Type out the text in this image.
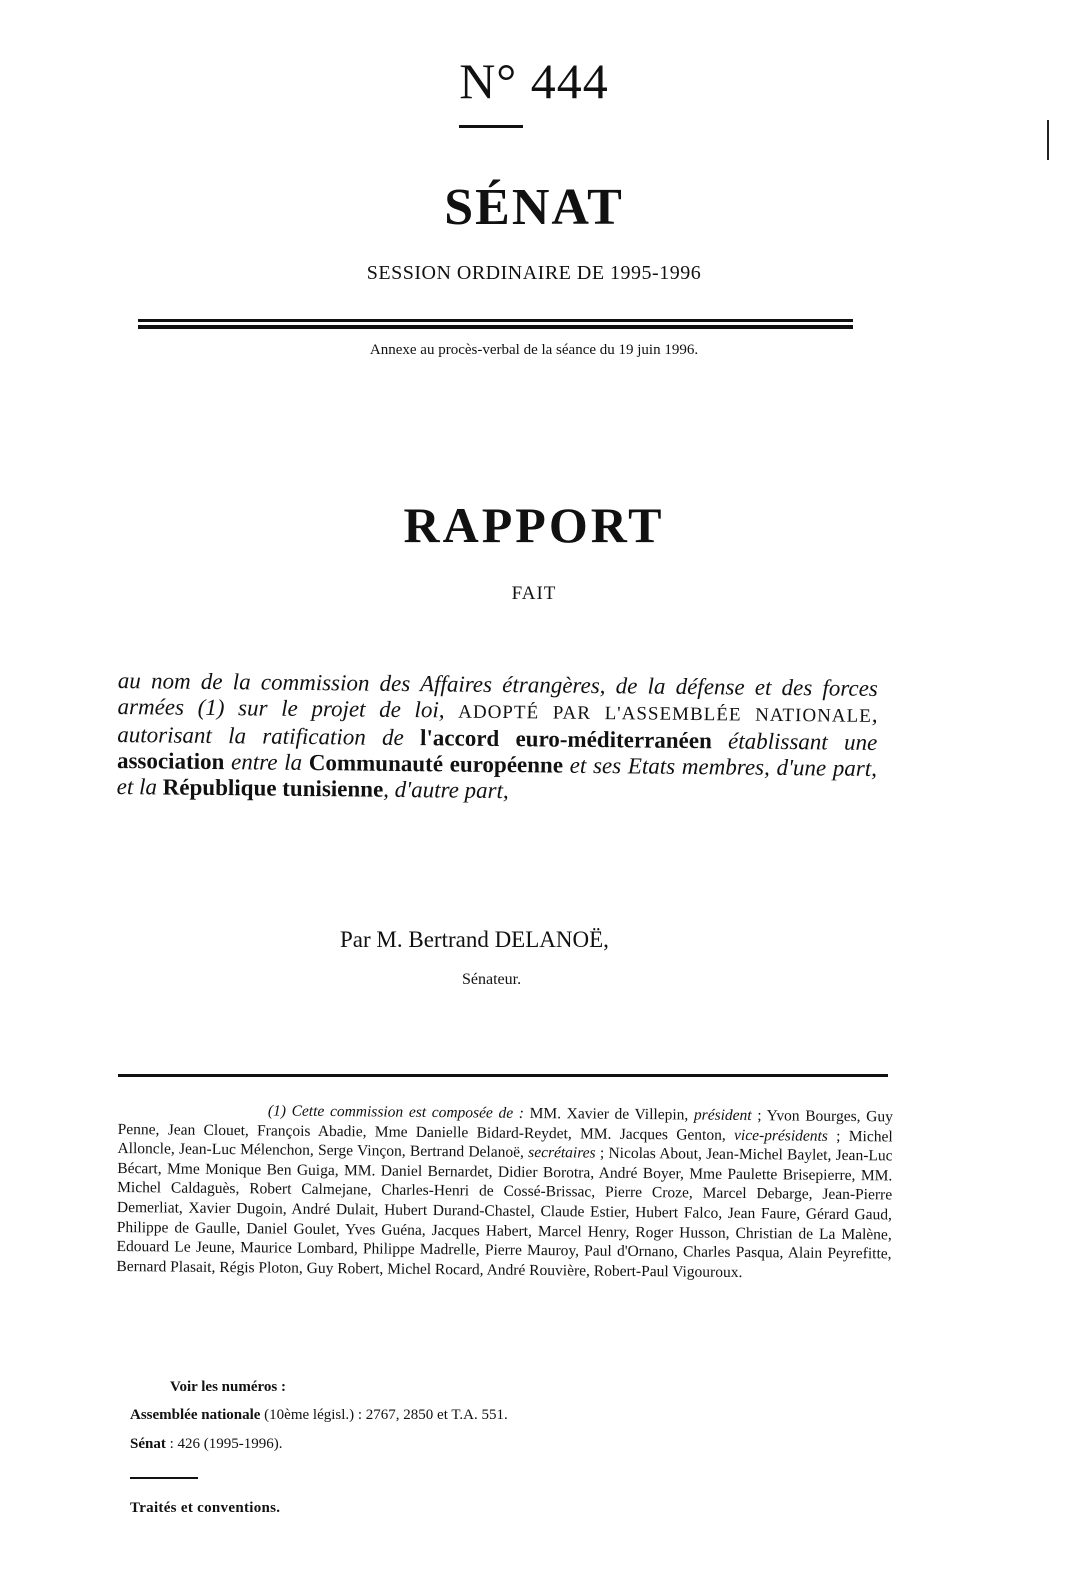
N° 444
SÉNAT
SESSION ORDINAIRE DE 1995-1996
Annexe au procès-verbal de la séance du 19 juin 1996.
RAPPORT
FAIT
au nom de la commission des Affaires étrangères, de la défense et des forces armées (1) sur le projet de loi, ADOPTÉ PAR L'ASSEMBLÉE NATIONALE, autorisant la ratification de l'accord euro-méditerranéen établissant une association entre la Communauté européenne et ses Etats membres, d'une part, et la République tunisienne, d'autre part,
Par M. Bertrand DELANOË,
Sénateur.
(1) Cette commission est composée de : MM. Xavier de Villepin, président ; Yvon Bourges, Guy Penne, Jean Clouet, François Abadie, Mme Danielle Bidard-Reydet, MM. Jacques Genton, vice-présidents ; Michel Alloncle, Jean-Luc Mélenchon, Serge Vinçon, Bertrand Delanoë, secrétaires ; Nicolas About, Jean-Michel Baylet, Jean-Luc Bécart, Mme Monique Ben Guiga, MM. Daniel Bernardet, Didier Borotra, André Boyer, Mme Paulette Brisepierre, MM. Michel Caldaguès, Robert Calmejane, Charles-Henri de Cossé-Brissac, Pierre Croze, Marcel Debarge, Jean-Pierre Demerliat, Xavier Dugoin, André Dulait, Hubert Durand-Chastel, Claude Estier, Hubert Falco, Jean Faure, Gérard Gaud, Philippe de Gaulle, Daniel Goulet, Yves Guéna, Jacques Habert, Marcel Henry, Roger Husson, Christian de La Malène, Edouard Le Jeune, Maurice Lombard, Philippe Madrelle, Pierre Mauroy, Paul d'Ornano, Charles Pasqua, Alain Peyrefitte, Bernard Plasait, Régis Ploton, Guy Robert, Michel Rocard, André Rouvière, Robert-Paul Vigouroux.
Voir les numéros :
Assemblée nationale (10ème législ.) : 2767, 2850 et T.A. 551.
Sénat : 426 (1995-1996).
Traités et conventions.
